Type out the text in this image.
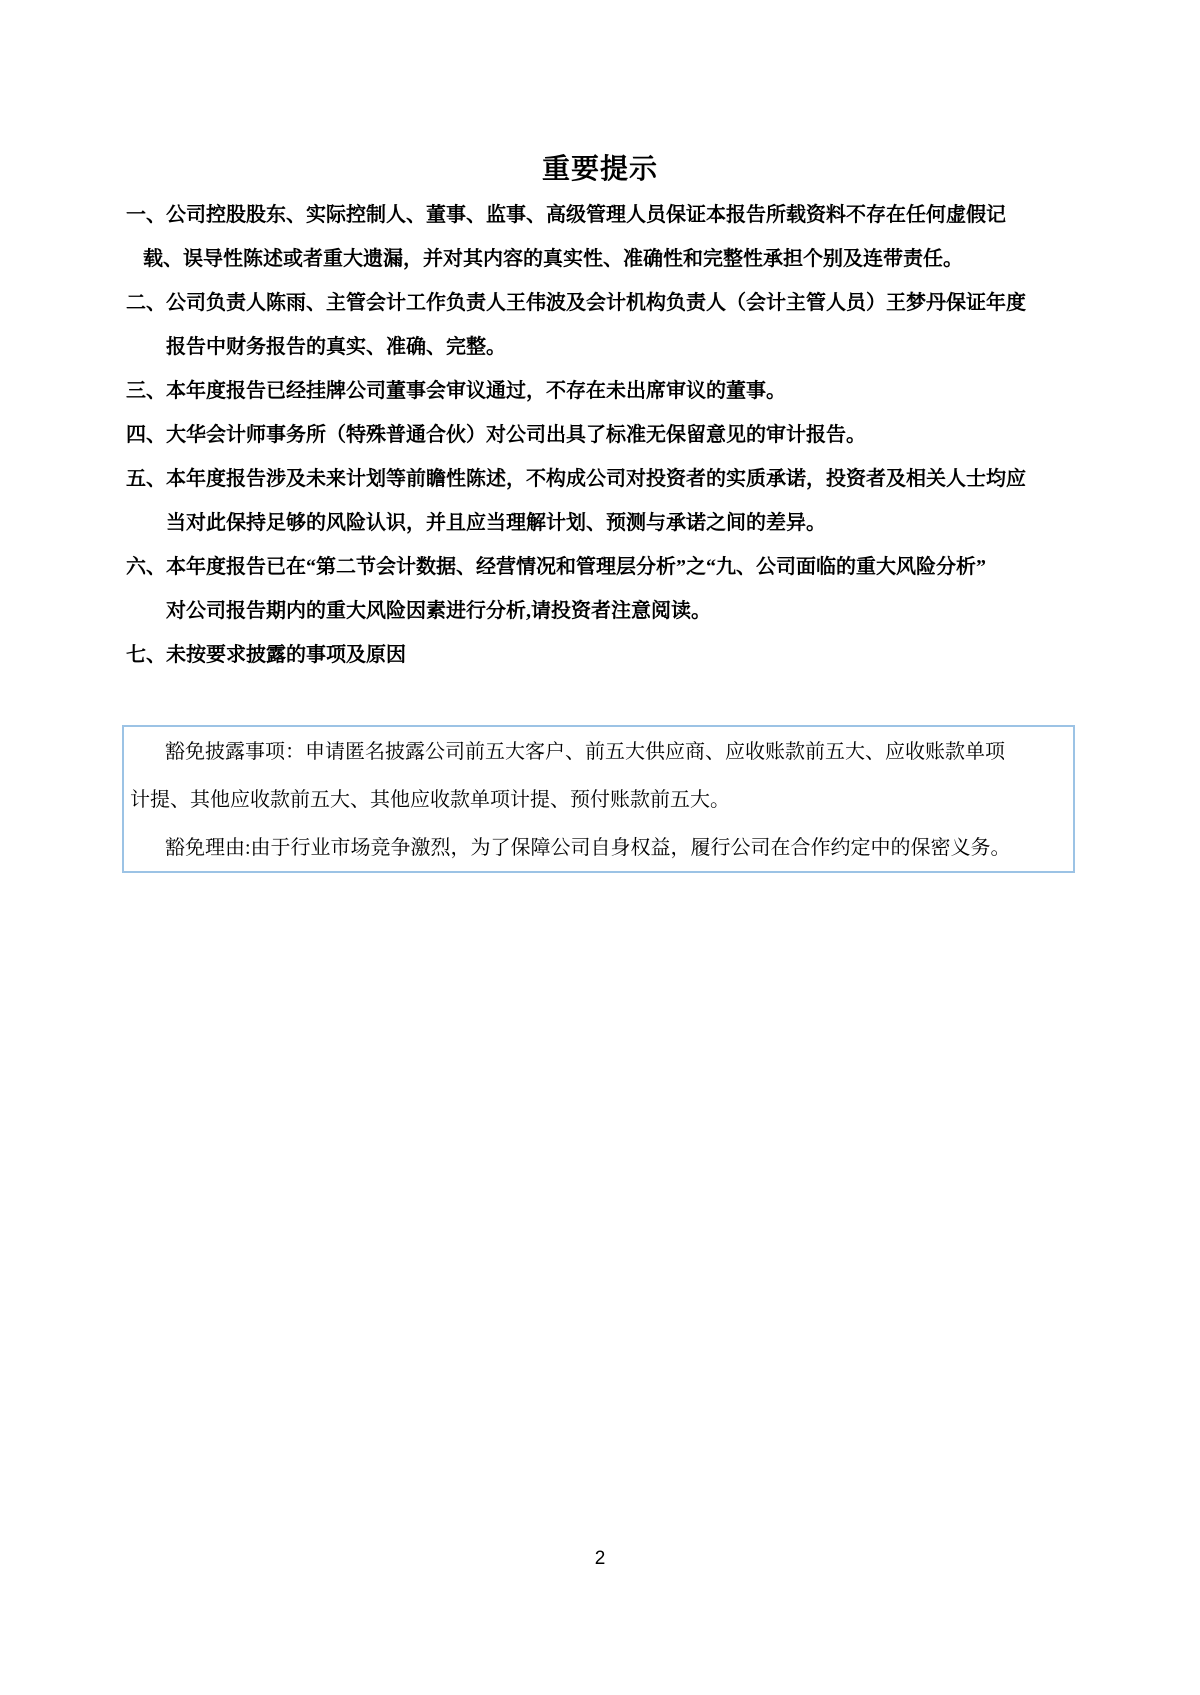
重要提示
一、公司控股股东、实际控制人、董事、监事、高级管理人员保证本报告所载资料不存在任何虚假记
载、误导性陈述或者重大遗漏，并对其内容的真实性、准确性和完整性承担个别及连带责任。
二、公司负责人陈雨、主管会计工作负责人王伟波及会计机构负责人（会计主管人员）王梦丹保证年度
报告中财务报告的真实、准确、完整。
三、本年度报告已经挂牌公司董事会审议通过，不存在未出席审议的董事。
四、大华会计师事务所（特殊普通合伙）对公司出具了标准无保留意见的审计报告。
五、本年度报告涉及未来计划等前瞻性陈述，不构成公司对投资者的实质承诺，投资者及相关人士均应
当对此保持足够的风险认识，并且应当理解计划、预测与承诺之间的差异。
六、本年度报告已在“第二节会计数据、经营情况和管理层分析”之“九、公司面临的重大风险分析”
对公司报告期内的重大风险因素进行分析,请投资者注意阅读。
七、未按要求披露的事项及原因
豁免披露事项：申请匿名披露公司前五大客户、前五大供应商、应收账款前五大、应收账款单项
计提、其他应收款前五大、其他应收款单项计提、预付账款前五大。
豁免理由:由于行业市场竞争激烈，为了保障公司自身权益，履行公司在合作约定中的保密义务。
2
